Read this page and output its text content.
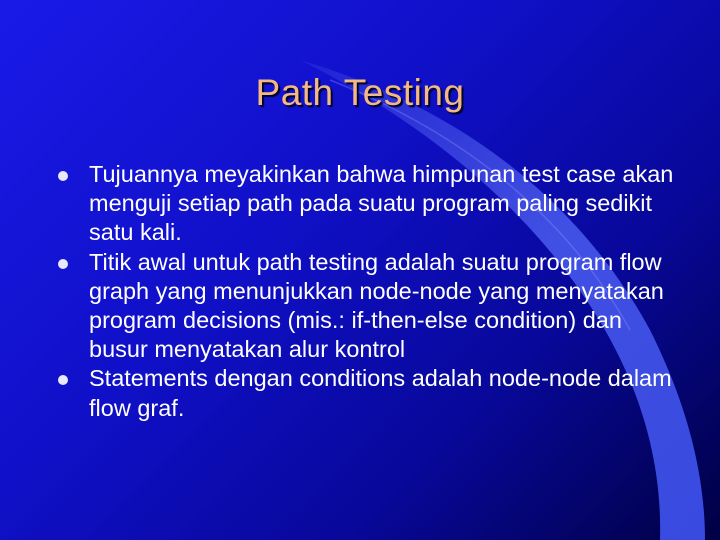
Path Testing
Tujuannya meyakinkan bahwa himpunan test case akan menguji setiap path pada suatu program paling sedikit satu kali.
Titik awal untuk path testing adalah suatu program flow graph yang menunjukkan node-node yang menyatakan program decisions (mis.: if-then-else condition) dan busur menyatakan alur kontrol
Statements dengan conditions adalah node-node dalam flow graf.
